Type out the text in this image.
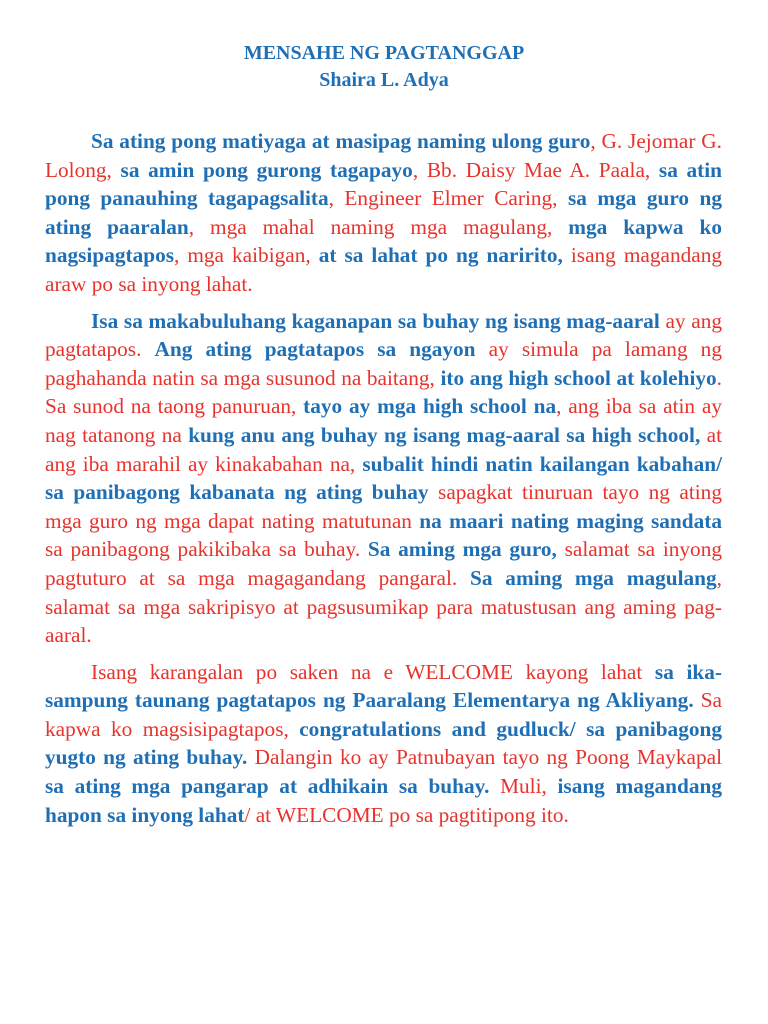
MENSAHE NG PAGTANGGAP
Shaira L. Adya

Sa ating pong matiyaga at masipag naming ulong guro, G. Jejomar G. Lolong, sa amin pong gurong tagapayo, Bb. Daisy Mae A. Paala, sa atin pong panauhing tagapagsalita, Engineer Elmer Caring, sa mga guro ng ating paaralan, mga mahal naming mga magulang, mga kapwa ko nagsipagtapos, mga kaibigan, at sa lahat po ng naririto, isang magandang araw po sa inyong lahat.

Isa sa makabuluhang kaganapan sa buhay ng isang mag-aaral ay ang pagtatapos. Ang ating pagtatapos sa ngayon ay simula pa lamang ng paghahanda natin sa mga susunod na baitang, ito ang high school at kolehiyo. Sa sunod na taong panuruan, tayo ay mga high school na, ang iba sa atin ay nag tatanong na kung anu ang buhay ng isang mag-aaral sa high school, at ang iba marahil ay kinakabahan na, subalit hindi natin kailangan kabahan/ sa panibagong kabanata ng ating buhay sapagkat tinuruan tayo ng ating mga guro ng mga dapat nating matutunan na maari nating maging sandata sa panibagong pakikibaka sa buhay. Sa aming mga guro, salamat sa inyong pagtuturo at sa mga magagandang pangaral. Sa aming mga magulang, salamat sa mga sakripisyo at pagsusumikap para matustusan ang aming pag-aaral.

Isang karangalan po saken na e WELCOME kayong lahat sa ika-sampung taunang pagtatapos ng Paaralang Elementarya ng Akliyang. Sa kapwa ko magsisipagtapos, congratulations and gudluck/ sa panibagong yugto ng ating buhay. Dalangin ko ay Patnubayan tayo ng Poong Maykapal sa ating mga pangarap at adhikain sa buhay. Muli, isang magandang hapon sa inyong lahat/ at WELCOME po sa pagtitipong ito.
